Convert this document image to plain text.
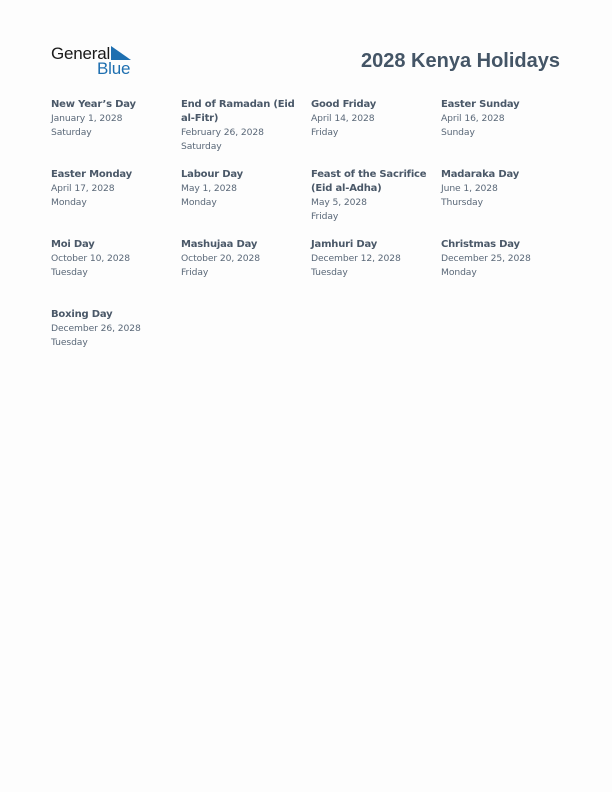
General
Blue	2028 Kenya Holidays
New Year’s Day
January 1, 2028
Saturday
End of Ramadan (Eid al-Fitr)
February 26, 2028
Saturday
Good Friday
April 14, 2028
Friday
Easter Sunday
April 16, 2028
Sunday
Easter Monday
April 17, 2028
Monday
Labour Day
May 1, 2028
Monday
Feast of the Sacrifice (Eid al-Adha)
May 5, 2028
Friday
Madaraka Day
June 1, 2028
Thursday
Moi Day
October 10, 2028
Tuesday
Mashujaa Day
October 20, 2028
Friday
Jamhuri Day
December 12, 2028
Tuesday
Christmas Day
December 25, 2028
Monday
Boxing Day
December 26, 2028
Tuesday
